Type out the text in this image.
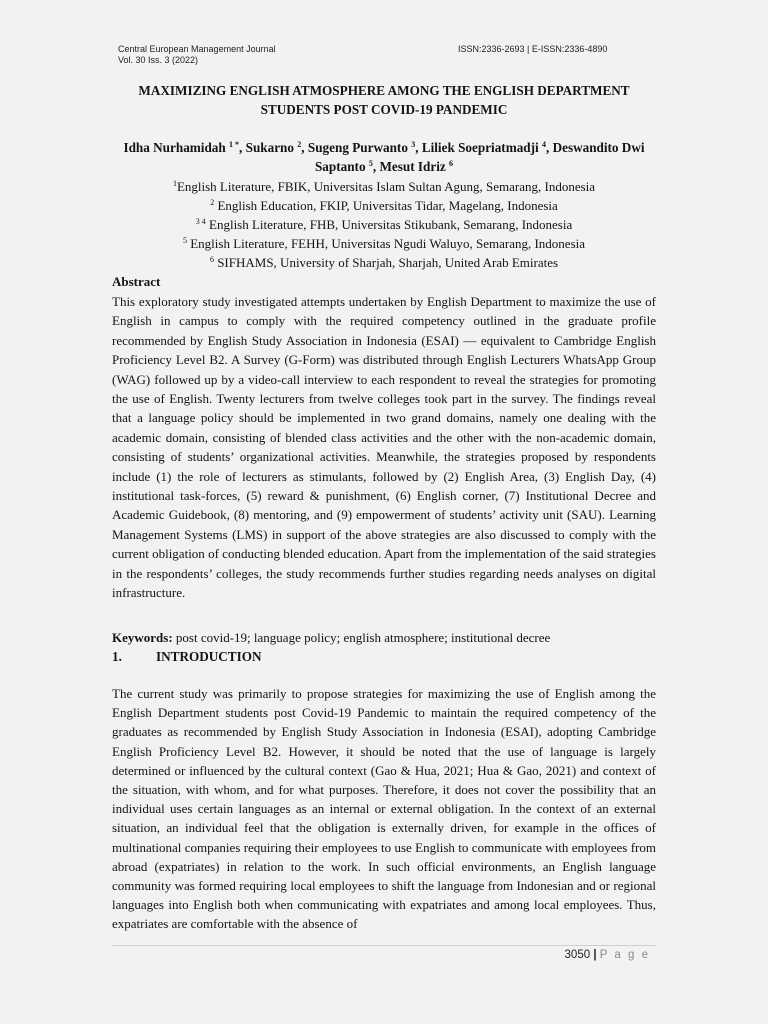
Central European Management Journal
Vol. 30 Iss. 3 (2022)
ISSN:2336-2693 | E-ISSN:2336-4890
MAXIMIZING ENGLISH ATMOSPHERE AMONG THE ENGLISH DEPARTMENT
STUDENTS POST COVID-19 PANDEMIC
Idha Nurhamidah $^{1 *}$, Sukarno $^2$, Sugeng Purwanto $^3$, Liliek Soepriatmadji $^4$, Deswandito Dwi Saptanto $^5$, Mesut Idriz $^6$
$^1$English Literature, FBIK, Universitas Islam Sultan Agung, Semarang, Indonesia
$^2$ English Education, FKIP, Universitas Tidar, Magelang, Indonesia
$^{3 4}$ English Literature, FHB, Universitas Stikubank, Semarang, Indonesia
$^5$ English Literature, FEHH, Universitas Ngudi Waluyo, Semarang, Indonesia
$^6$ SIFHAMS, University of Sharjah, Sharjah, United Arab Emirates
Abstract

This exploratory study investigated attempts undertaken by English Department to maximize the use of English in campus to comply with the required competency outlined in the graduate profile recommended by English Study Association in Indonesia (ESAI) — equivalent to Cambridge English Proficiency Level B2. A Survey (G-Form) was distributed through English Lecturers WhatsApp Group (WAG) followed up by a video-call interview to each respondent to reveal the strategies for promoting the use of English. Twenty lecturers from twelve colleges took part in the survey. The findings reveal that a language policy should be implemented in two grand domains, namely one dealing with the academic domain, consisting of blended class activities and the other with the non-academic domain, consisting of students’ organizational activities. Meanwhile, the strategies proposed by respondents include (1) the role of lecturers as stimulants, followed by (2) English Area, (3) English Day, (4) institutional task-forces, (5) reward & punishment, (6) English corner, (7) Institutional Decree and Academic Guidebook, (8) mentoring, and (9) empowerment of students’ activity unit (SAU). Learning Management Systems (LMS) in support of the above strategies are also discussed to comply with the current obligation of conducting blended education. Apart from the implementation of the said strategies in the respondents’ colleges, the study recommends further studies regarding needs analyses on digital infrastructure.

Keywords: post covid-19; language policy; english atmosphere; institutional decree
1.	INTRODUCTION

The current study was primarily to propose strategies for maximizing the use of English among the English Department students post Covid-19 Pandemic to maintain the required competency of the graduates as recommended by English Study Association in Indonesia (ESAI), adopting Cambridge English Proficiency Level B2. However, it should be noted that the use of language is largely determined or influenced by the cultural context (Gao & Hua, 2021; Hua & Gao, 2021) and context of the situation, with whom, and for what purposes. Therefore, it does not cover the possibility that an individual uses certain languages as an internal or external obligation. In the context of an external situation, an individual feel that the obligation is externally driven, for example in the offices of multinational companies requiring their employees to use English to communicate with employees from abroad (expatriates) in relation to the work. In such official environments, an English language community was formed requiring local employees to shift the language from Indonesian and or regional languages into English both when communicating with expatriates and among local employees. Thus, expatriates are comfortable with the absence of

3050 | P a g e
